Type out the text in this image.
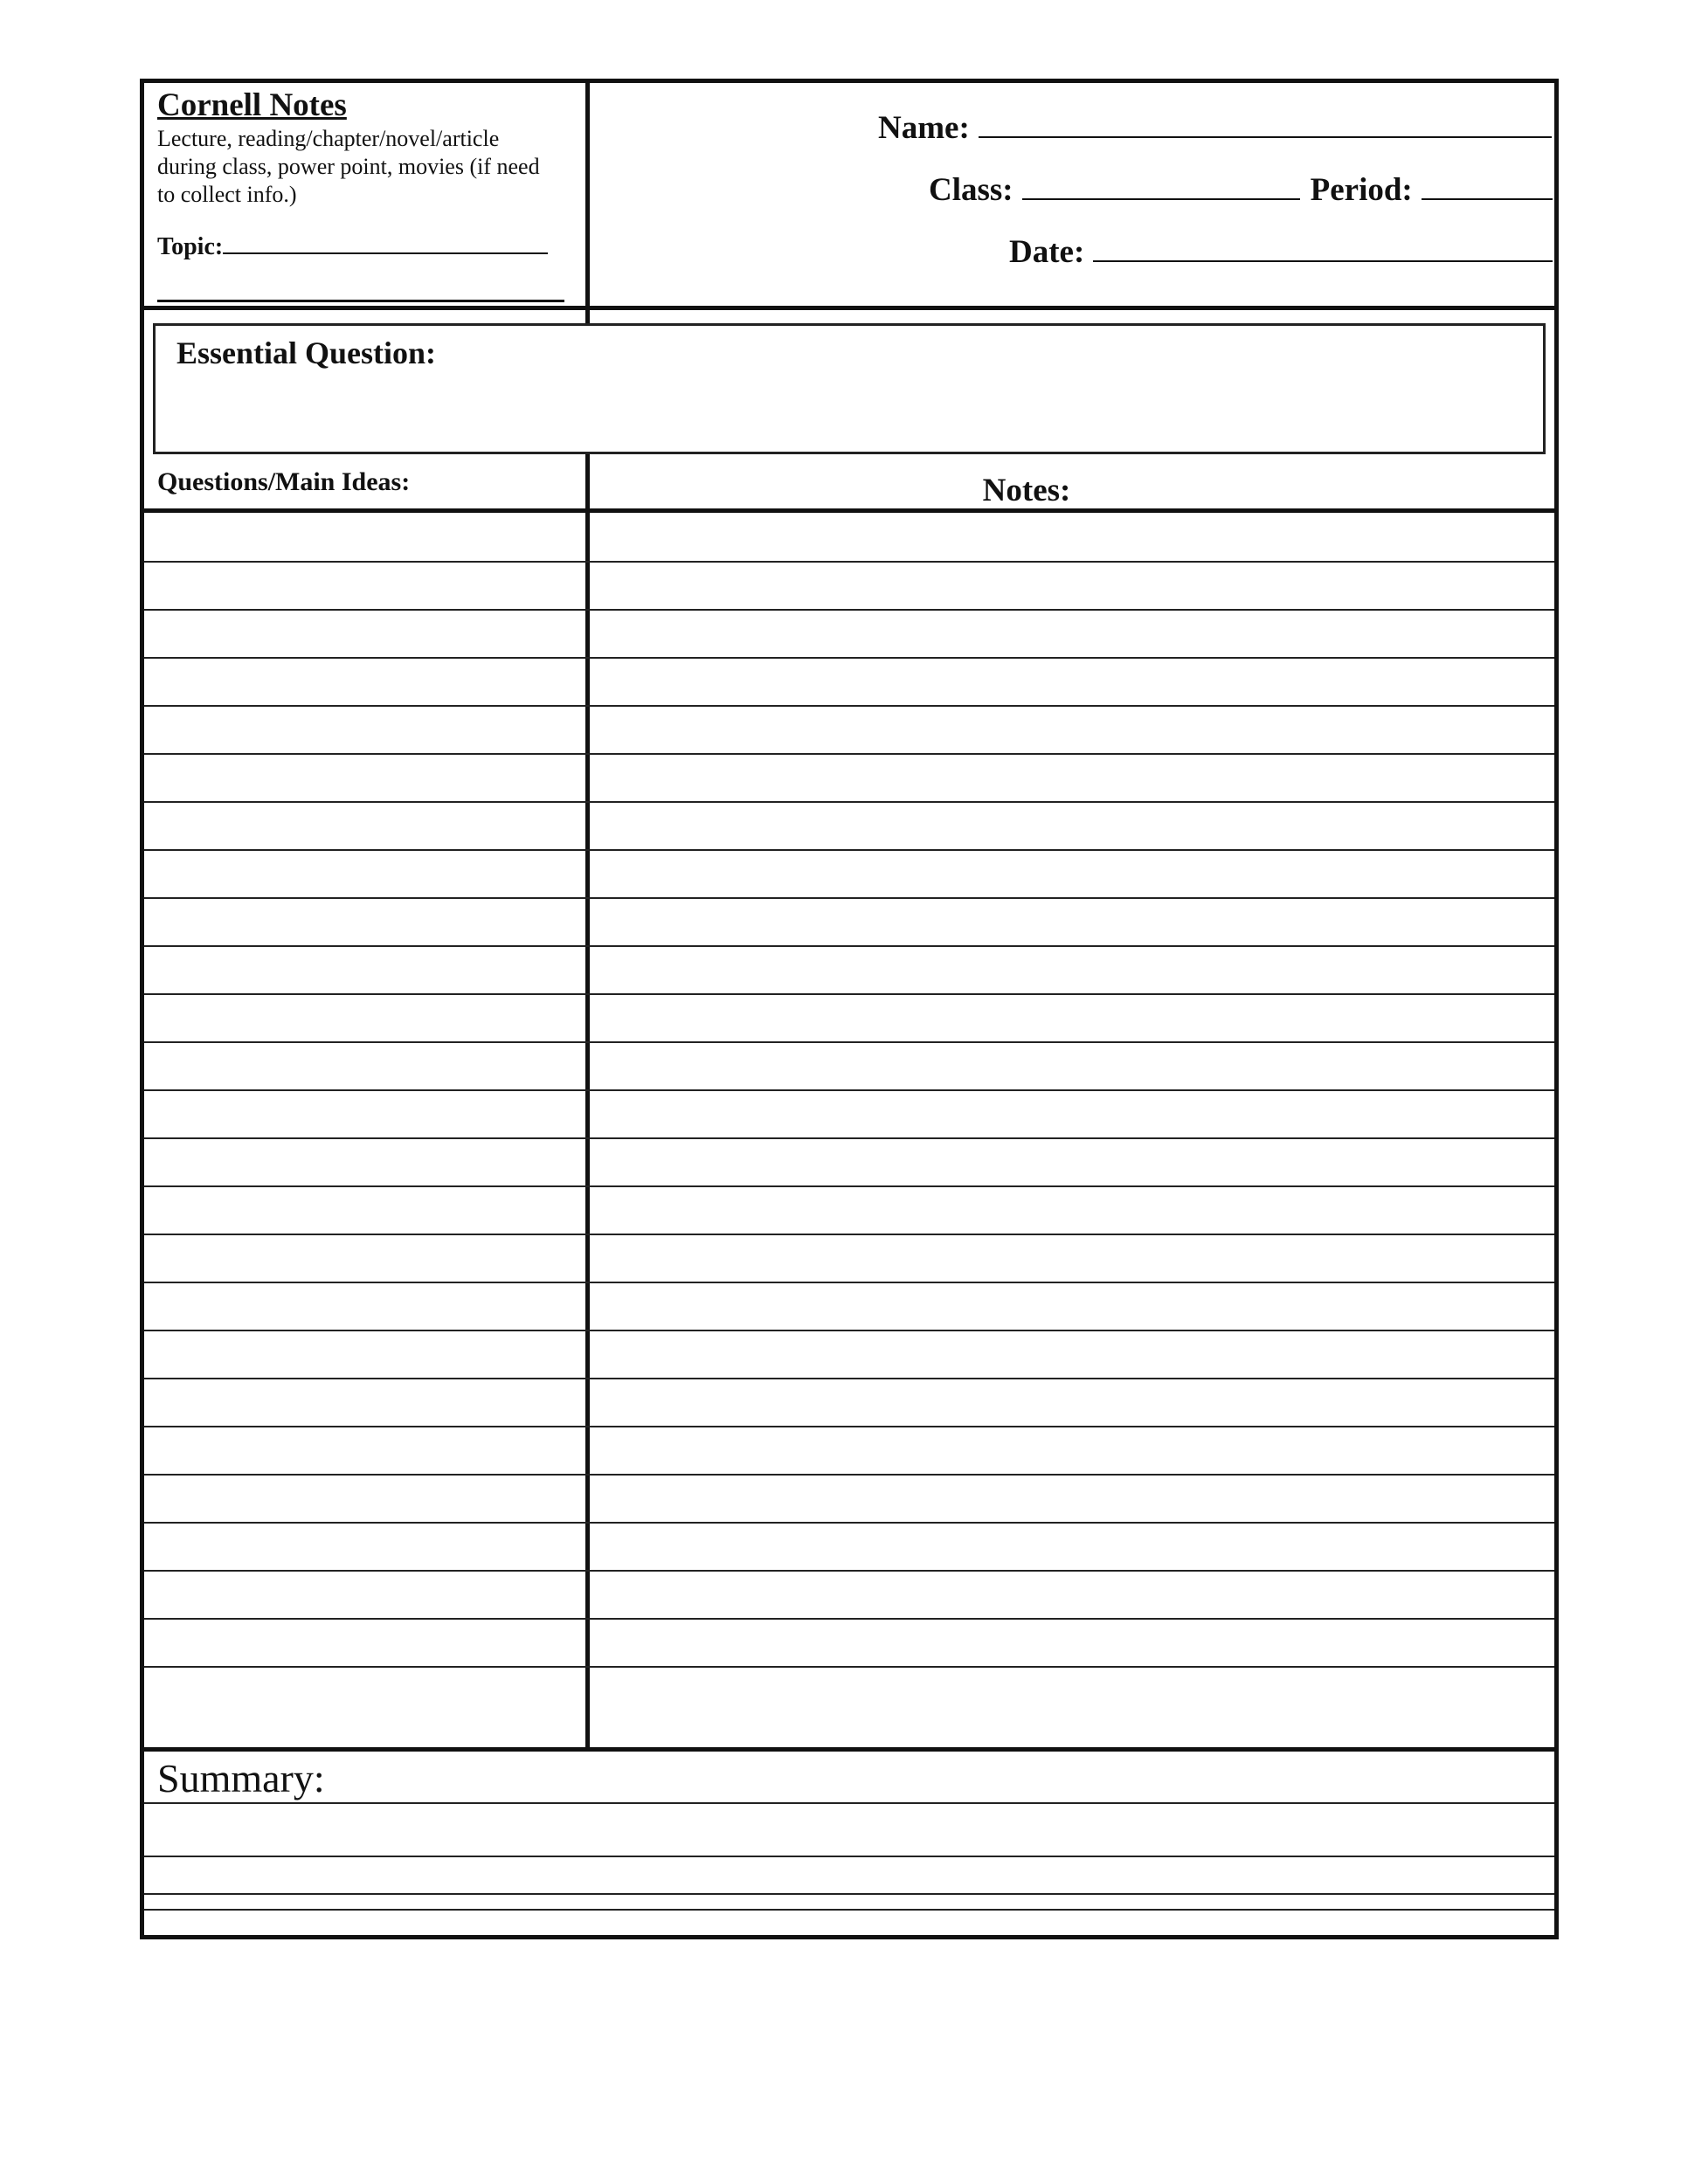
Cornell Notes
Lecture, reading/chapter/novel/article
during class, power point, movies (if need
to collect info.)
Topic:
Name:
Class:	Period:
Date:
Essential Question:
Questions/Main Ideas:	Notes:
Summary:
